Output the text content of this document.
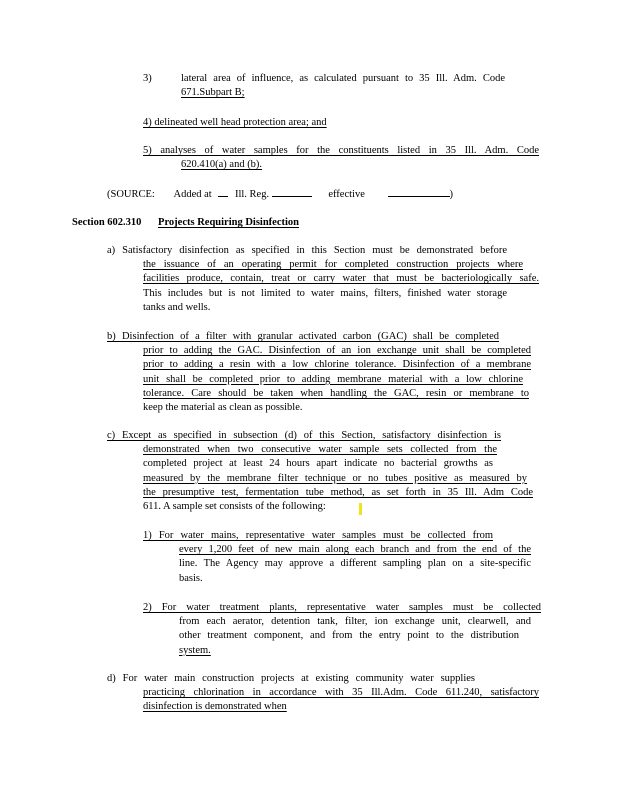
3)	lateral area of influence, as calculated pursuant to 35 Ill. Adm. Code
671.Subpart B;
4) delineated well head protection area; and
5) analyses of water samples for the constituents listed in 35 Ill. Adm. Code
620.410(a) and (b).
(SOURCE: Added at Ill. Reg.	effective	)
Section 602.310 Projects Requiring Disinfection
a) Satisfactory disinfection as specified in this Section must be demonstrated before
the issuance of an operating permit for completed construction projects where
facilities produce, contain, treat or carry water that must be bacteriologically safe.
This includes but is not limited to water mains, filters, finished water storage
tanks and wells.
b) Disinfection of a filter with granular activated carbon (GAC) shall be completed
prior to adding the GAC. Disinfection of an ion exchange unit shall be completed
prior to adding a resin with a low chlorine tolerance. Disinfection of a membrane
unit shall be completed prior to adding membrane material with a low chlorine
tolerance. Care should be taken when handling the GAC, resin or membrane to
keep the material as clean as possible.
c) Except as specified in subsection (d) of this Section, satisfactory disinfection is
demonstrated when two consecutive water sample sets collected from the
completed project at least 24 hours apart indicate no bacterial growths as
measured by the membrane filter technique or no tubes positive as measured by
the presumptive test, fermentation tube method, as set forth in 35 Ill. Adm Code
611. A sample set consists of the following:
1) For water mains, representative water samples must be collected from
every 1,200 feet of new main along each branch and from the end of the
line. The Agency may approve a different sampling plan on a site-specific
basis.
2) For water treatment plants, representative water samples must be collected
from each aerator, detention tank, filter, ion exchange unit, clearwell, and
other treatment component, and from the entry point to the distribution
system.
d) For water main construction projects at existing community water supplies
practicing chlorination in accordance with 35 Ill.Adm. Code 611.240, satisfactory
disinfection is demonstrated when
